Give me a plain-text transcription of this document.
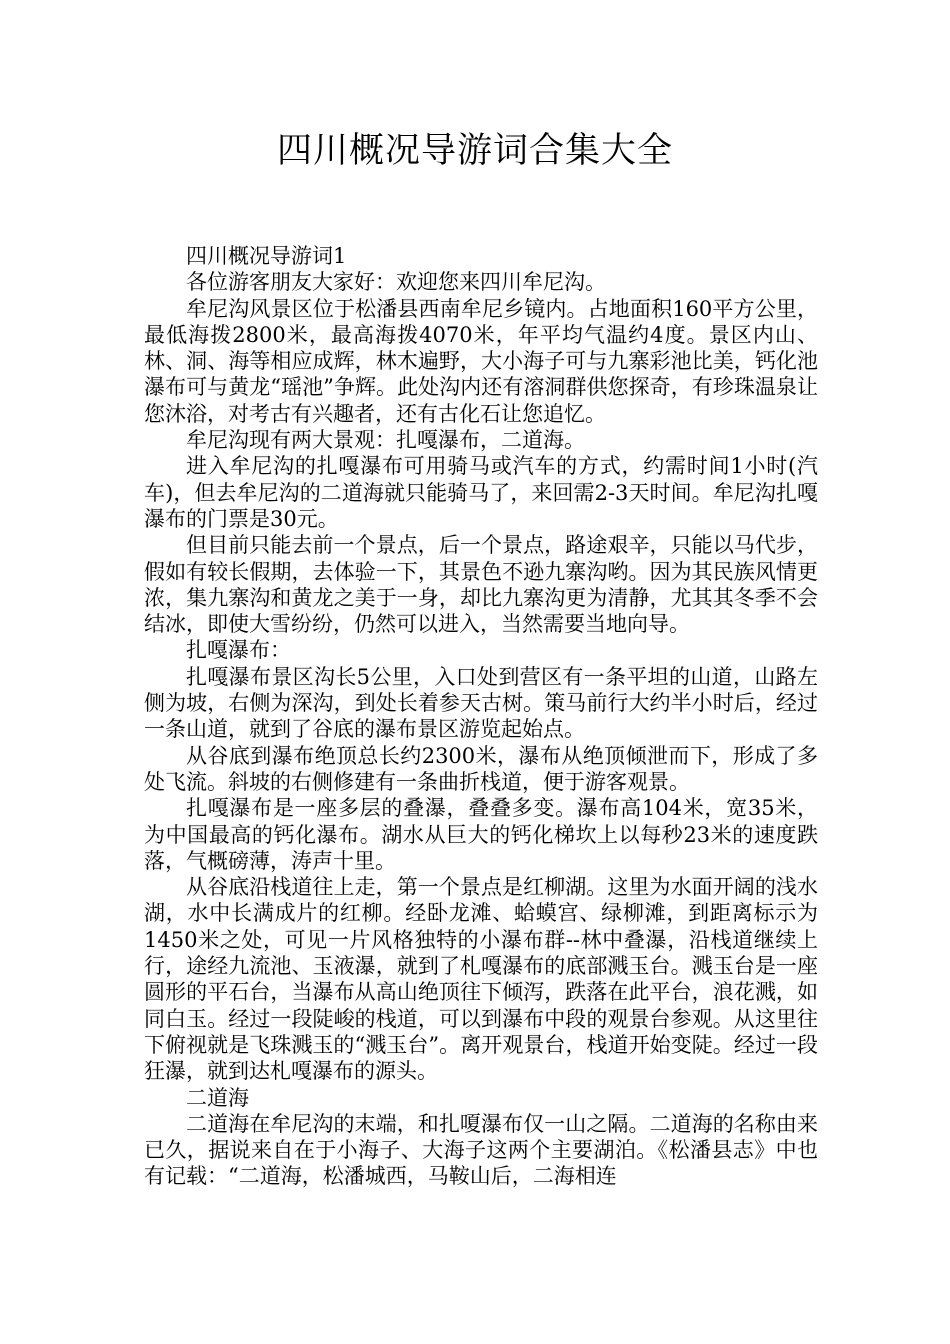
四川概况导游词合集大全

四川概况导游词1

各位游客朋友大家好：欢迎您来四川牟尼沟。

牟尼沟风景区位于松潘县西南牟尼乡镜内。占地面积160平方公里，最低海拨2800米，最高海拨4070米，年平均气温约4度。景区内山、林、洞、海等相应成辉，林木遍野，大小海子可与九寨彩池比美，钙化池瀑布可与黄龙“瑶池”争辉。此处沟内还有溶洞群供您探奇，有珍珠温泉让您沐浴，对考古有兴趣者，还有古化石让您追忆。

牟尼沟现有两大景观：扎嘎瀑布，二道海。

进入牟尼沟的扎嘎瀑布可用骑马或汽车的方式，约需时间1小时(汽车)，但去牟尼沟的二道海就只能骑马了，来回需2-3天时间。牟尼沟扎嘎瀑布的门票是30元。

但目前只能去前一个景点，后一个景点，路途艰辛，只能以马代步，假如有较长假期，去体验一下，其景色不逊九寨沟哟。因为其民族风情更浓，集九寨沟和黄龙之美于一身，却比九寨沟更为清静，尤其其冬季不会结冰，即使大雪纷纷，仍然可以进入，当然需要当地向导。

扎嘎瀑布：

扎嘎瀑布景区沟长5公里，入口处到营区有一条平坦的山道，山路左侧为坡，右侧为深沟，到处长着参天古树。策马前行大约半小时后，经过一条山道，就到了谷底的瀑布景区游览起始点。

从谷底到瀑布绝顶总长约2300米，瀑布从绝顶倾泄而下，形成了多处飞流。斜坡的右侧修建有一条曲折栈道，便于游客观景。

扎嘎瀑布是一座多层的叠瀑，叠叠多变。瀑布高104米，宽35米，为中国最高的钙化瀑布。湖水从巨大的钙化梯坎上以每秒23米的速度跌落，气概磅薄，涛声十里。

从谷底沿栈道往上走，第一个景点是红柳湖。这里为水面开阔的浅水湖，水中长满成片的红柳。经卧龙滩、蛤蟆宫、绿柳滩，到距离标示为1450米之处，可见一片风格独特的小瀑布群--林中叠瀑，沿栈道继续上行，途经九流池、玉液瀑，就到了札嘎瀑布的底部溅玉台。溅玉台是一座圆形的平石台，当瀑布从高山绝顶往下倾泻，跌落在此平台，浪花溅，如同白玉。经过一段陡峻的栈道，可以到瀑布中段的观景台参观。从这里往下俯视就是飞珠溅玉的“溅玉台”。离开观景台，栈道开始变陡。经过一段狂瀑，就到达札嘎瀑布的源头。

二道海

二道海在牟尼沟的末端，和扎嗄瀑布仅一山之隔。二道海的名称由来已久，据说来自在于小海子、大海子这两个主要湖泊。《松潘县志》中也有记载：“二道海，松潘城西，马鞍山后，二海相连
